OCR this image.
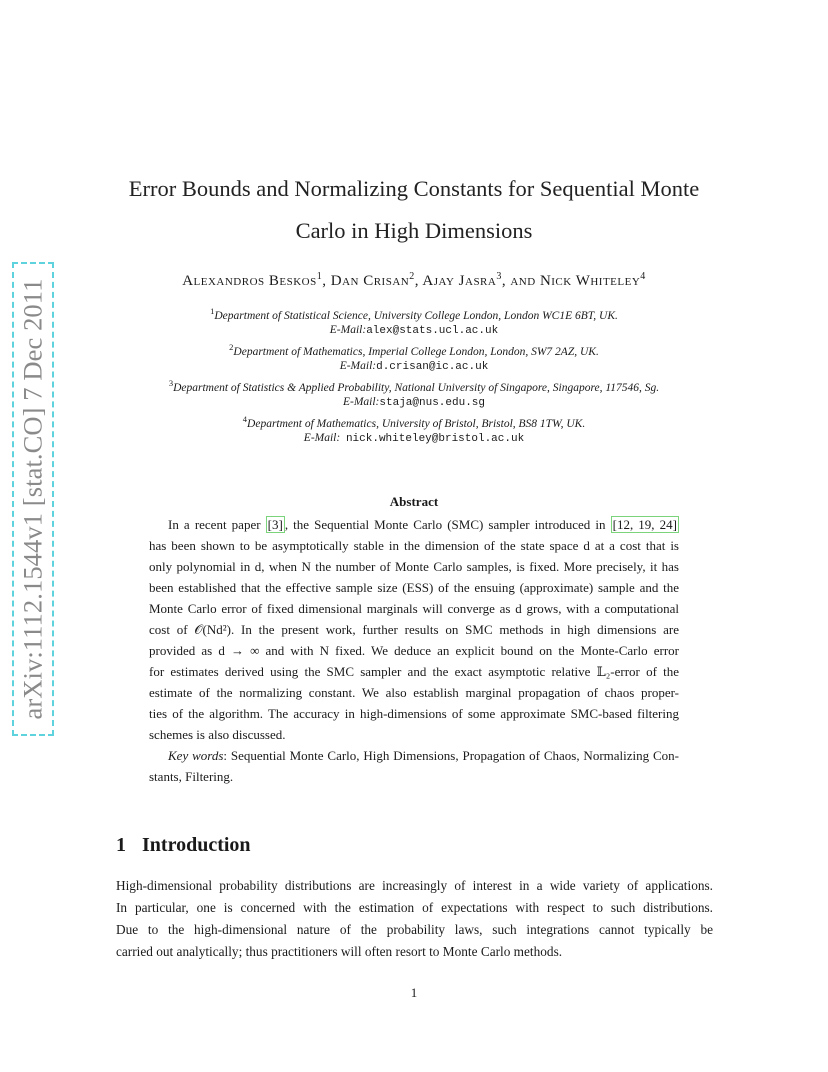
arXiv:1112.1544v1 [stat.CO] 7 Dec 2011
Error Bounds and Normalizing Constants for Sequential Monte
Carlo in High Dimensions
Alexandros Beskos$^1$, Dan Crisan$^2$, Ajay Jasra$^3$, and Nick Whiteley$^4$
$^1$Department of Statistical Science, University College London, London WC1E 6BT, UK.
E-Mail:alex@stats.ucl.ac.uk
$^2$Department of Mathematics, Imperial College London, London, SW7 2AZ, UK.
E-Mail:d.crisan@ic.ac.uk
$^3$Department of Statistics & Applied Probability, National University of Singapore, Singapore, 117546, Sg.
E-Mail:staja@nus.edu.sg
$^4$Department of Mathematics, University of Bristol, Bristol, BS8 1TW, UK.
E-Mail: nick.whiteley@bristol.ac.uk
Abstract
In a recent paper [3] , the Sequential Monte Carlo (SMC) sampler introduced in [12, 19, 24]
has been shown to be asymptotically stable in the dimension of the state space d at a cost that is
only polynomial in d, when N the number of Monte Carlo samples, is fixed. More precisely, it has
been established that the effective sample size (ESS) of the ensuing (approximate) sample and the
Monte Carlo error of fixed dimensional marginals will converge as d grows, with a computational
cost of 𝒪(Nd²). In the present work, further results on SMC methods in high dimensions are
provided as d → ∞ and with N fixed. We deduce an explicit bound on the Monte-Carlo error
for estimates derived using the SMC sampler and the exact asymptotic relative 𝕃₂-error of the
estimate of the normalizing constant. We also establish marginal propagation of chaos proper-
ties of the algorithm. The accuracy in high-dimensions of some approximate SMC-based filtering
schemes is also discussed.
Key words: Sequential Monte Carlo, High Dimensions, Propagation of Chaos, Normalizing Con-
stants, Filtering.
1 Introduction
High-dimensional probability distributions are increasingly of interest in a wide variety of applications.
In particular, one is concerned with the estimation of expectations with respect to such distributions.
Due to the high-dimensional nature of the probability laws, such integrations cannot typically be
carried out analytically; thus practitioners will often resort to Monte Carlo methods.
1
